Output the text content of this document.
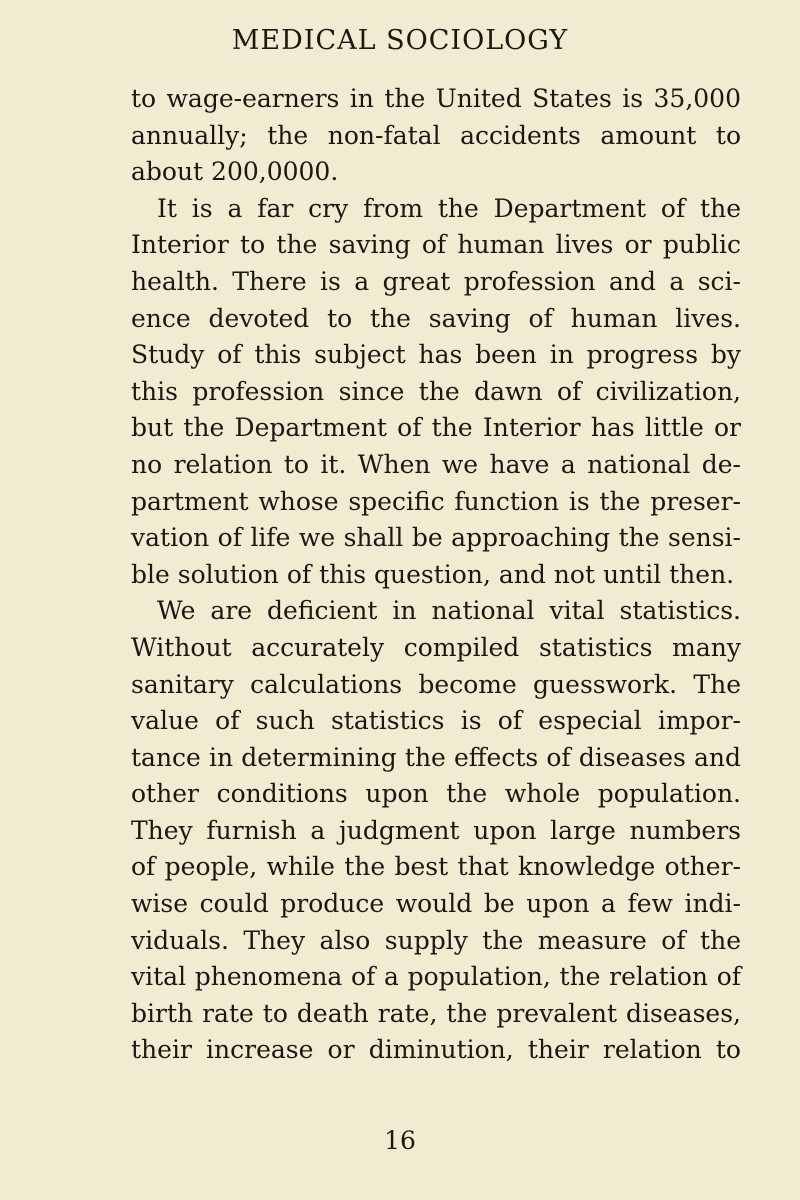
MEDICAL SOCIOLOGY
to wage-earners in the United States is 35,000
annually; the non-fatal accidents amount to
about 200,0000.
It is a far cry from the Department of the
Interior to the saving of human lives or public
health. There is a great profession and a sci-
ence devoted to the saving of human lives.
Study of this subject has been in progress by
this profession since the dawn of civilization,
but the Department of the Interior has little or
no relation to it. When we have a national de-
partment whose specific function is the preser-
vation of life we shall be approaching the sensi-
ble solution of this question, and not until then.
We are deficient in national vital statistics.
Without accurately compiled statistics many
sanitary calculations become guesswork. The
value of such statistics is of especial impor-
tance in determining the effects of diseases and
other conditions upon the whole population.
They furnish a judgment upon large numbers
of people, while the best that knowledge other-
wise could produce would be upon a few indi-
viduals. They also supply the measure of the
vital phenomena of a population, the relation of
birth rate to death rate, the prevalent diseases,
their increase or diminution, their relation to
16
